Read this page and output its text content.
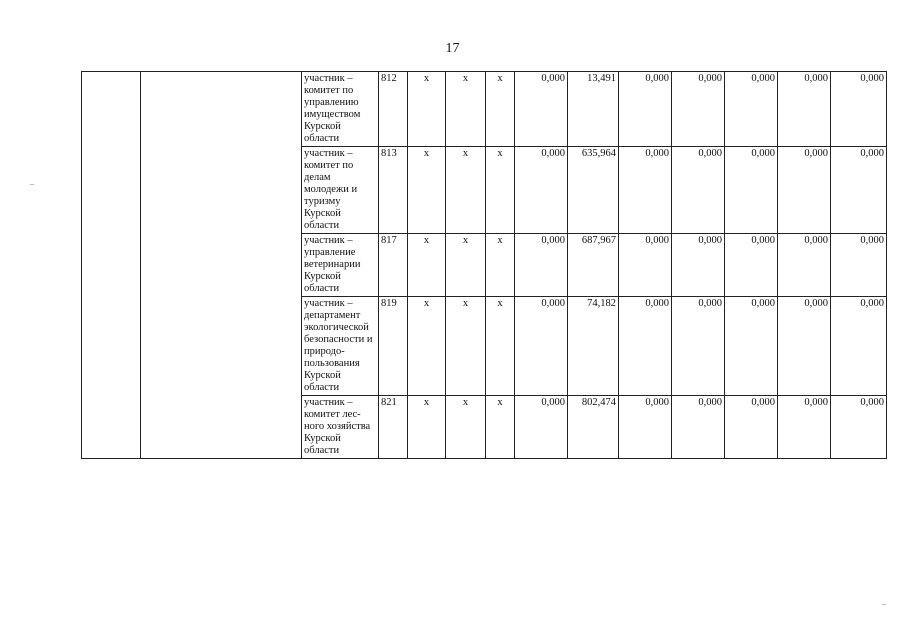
17
		участник – комитет по управлению имуществом Курской области	812	x	x	x	0,000	13,491	0,000	0,000	0,000	0,000	0,000
		участник – комитет по делам молодежи и туризму Курской области	813	x	x	x	0,000	635,964	0,000	0,000	0,000	0,000	0,000
		участник – управление ветеринарии Курской области	817	x	x	x	0,000	687,967	0,000	0,000	0,000	0,000	0,000
		участник – департамент экологической безопасности и природо-пользования Курской области	819	x	x	x	0,000	74,182	0,000	0,000	0,000	0,000	0,000
		участник – комитет лес-ного хозяйства Курской области	821	x	x	x	0,000	802,474	0,000	0,000	0,000	0,000	0,000
